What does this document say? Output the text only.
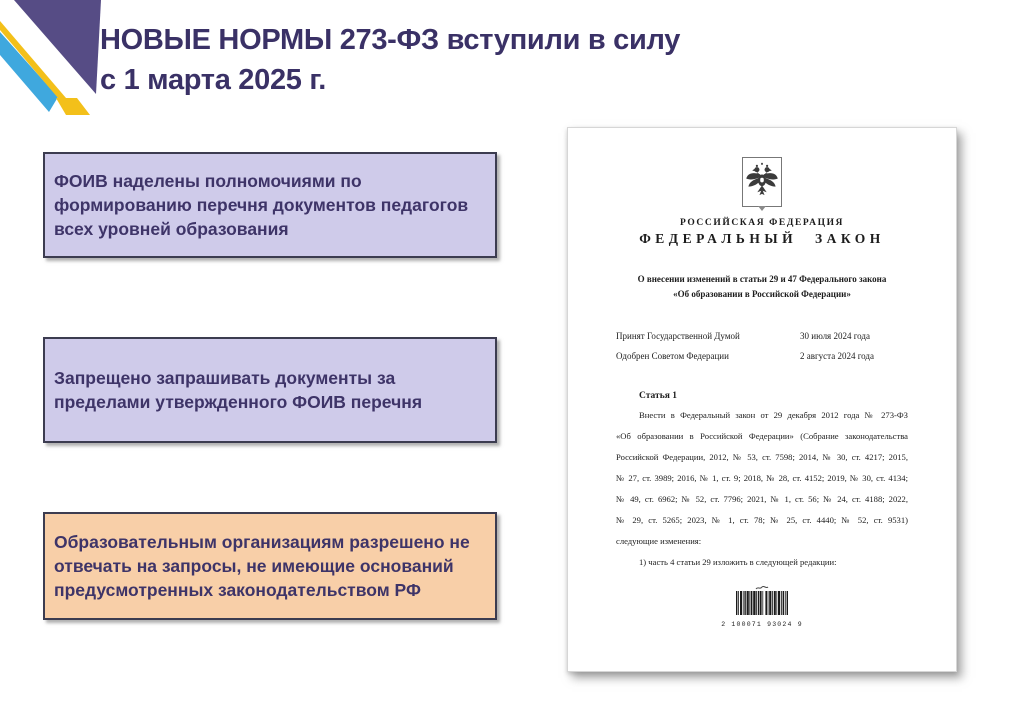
НОВЫЕ НОРМЫ 273-ФЗ вступили в силу
с 1 марта 2025 г.
ФОИВ наделены полномочиями по формированию перечня документов педагогов всех уровней образования
Запрещено запрашивать документы за пределами утвержденного ФОИВ перечня
Образовательным организациям разрешено не отвечать на запросы, не имеющие оснований предусмотренных законодательством РФ
РОССИЙСКАЯ ФЕДЕРАЦИЯ
ФЕДЕРАЛЬНЫЙ ЗАКОН
О внесении изменений в статьи 29 и 47 Федерального закона
«Об образовании в Российской Федерации»
Принят Государственной Думой	30 июля 2024 года
Одобрен Советом Федерации	2 августа 2024 года
Статья 1
Внести в Федеральный закон от 29 декабря 2012 года № 273-ФЗ
«Об образовании в Российской Федерации» (Собрание законодательства
Российской Федерации, 2012, № 53, ст. 7598; 2014, № 30, ст. 4217; 2015,
№ 27, ст. 3989; 2016, № 1, ст. 9; 2018, № 28, ст. 4152; 2019, № 30, ст. 4134;
№ 49, ст. 6962; № 52, ст. 7796; 2021, № 1, ст. 56; № 24, ст. 4188; 2022,
№ 29, ст. 5265; 2023, № 1, ст. 78; № 25, ст. 4440; № 52, ст. 9531)
следующие изменения:
1) часть 4 статьи 29 изложить в следующей редакции:
2 100071 93024 9
